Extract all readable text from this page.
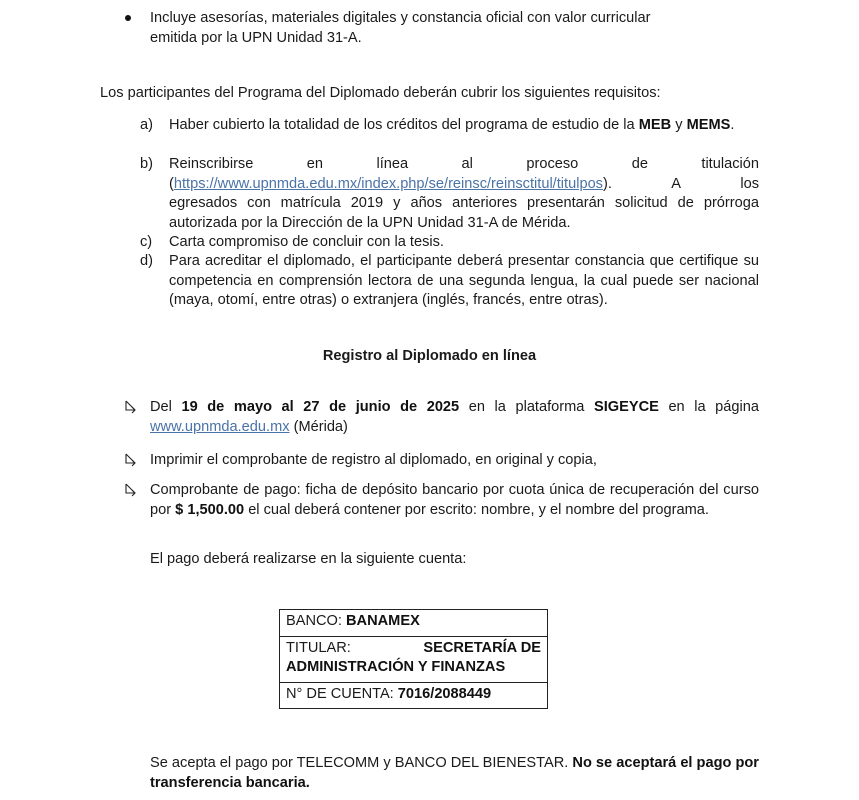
Incluye asesorías, materiales digitales y constancia oficial con valor curricular
emitida por la UPN Unidad 31-A.
Los participantes del Programa del Diplomado deberán cubrir los siguientes requisitos:
a)	Haber cubierto la totalidad de los créditos del programa de estudio de la MEB y MEMS.
b)	Reinscribirse en línea al proceso de titulación
(https://www.upnmda.edu.mx/index.php/se/reinsc/reinsctitul/titulpos). A los
egresados con matrícula 2019 y años anteriores presentarán solicitud de prórroga autorizada por la Dirección de la UPN Unidad 31-A de Mérida.
c)	Carta compromiso de concluir con la tesis.
d)	Para acreditar el diplomado, el participante deberá presentar constancia que certifique su competencia en comprensión lectora de una segunda lengua, la cual puede ser nacional (maya, otomí, entre otras) o extranjera (inglés, francés, entre otras).
Registro al Diplomado en línea
Del 19 de mayo al 27 de junio de 2025 en la plataforma SIGEYCE en la página
www.upnmda.edu.mx (Mérida)
Imprimir el comprobante de registro al diplomado, en original y copia,
Comprobante de pago: ficha de depósito bancario por cuota única de recuperación del curso por $ 1,500.00 el cual deberá contener por escrito: nombre, y el nombre del programa.
El pago deberá realizarse en la siguiente cuenta:
BANCO: BANAMEX
TITULAR:	SECRETARÍA DE
ADMINISTRACIÓN Y FINANZAS
N° DE CUENTA: 7016/2088449
Se acepta el pago por TELECOMM y BANCO DEL BIENESTAR. No se aceptará el pago por transferencia bancaria.
